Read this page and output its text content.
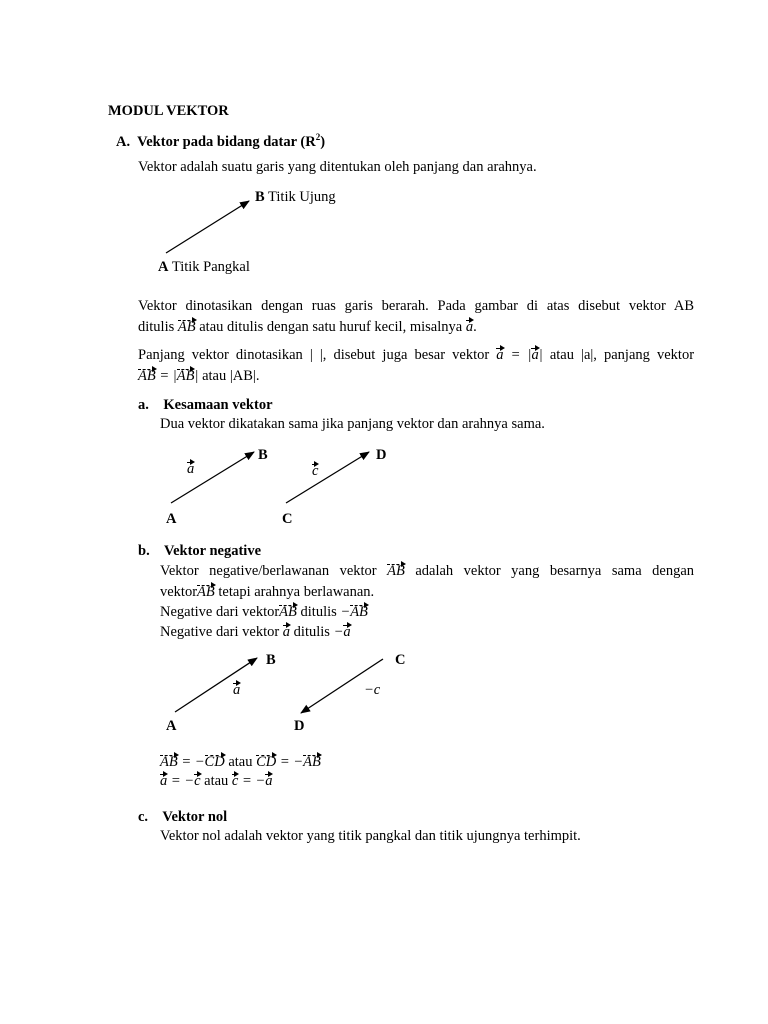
MODUL VEKTOR
A. Vektor pada bidang datar $(R^2)$
Vektor adalah suatu garis yang ditentukan oleh panjang dan arahnya.
B Titik Ujung
A Titik Pangkal
Vektor dinotasikan dengan ruas garis berarah. Pada gambar di atas disebut vektor AB
ditulis AB atau ditulis dengan satu huruf kecil, misalnya a.
Panjang vektor dinotasikan | |, disebut juga besar vektor a = |a| atau |a|, panjang vektor
AB = |AB| atau |AB|.
a. Kesamaan vektor
Dua vektor dikatakan sama jika panjang vektor dan arahnya sama.
B	D
a	c
A	C
b. Vektor negative
Vektor negative/berlawanan vektor AB adalah vektor yang besarnya sama dengan
vektorAB tetapi arahnya berlawanan.
Negative dari vektorAB ditulis −AB
Negative dari vektor a ditulis −a
B	C
a	−c
A	D
AB = −CD atau CD = −AB
a = −c atau c = −a
c. Vektor nol
Vektor nol adalah vektor yang titik pangkal dan titik ujungnya terhimpit.
